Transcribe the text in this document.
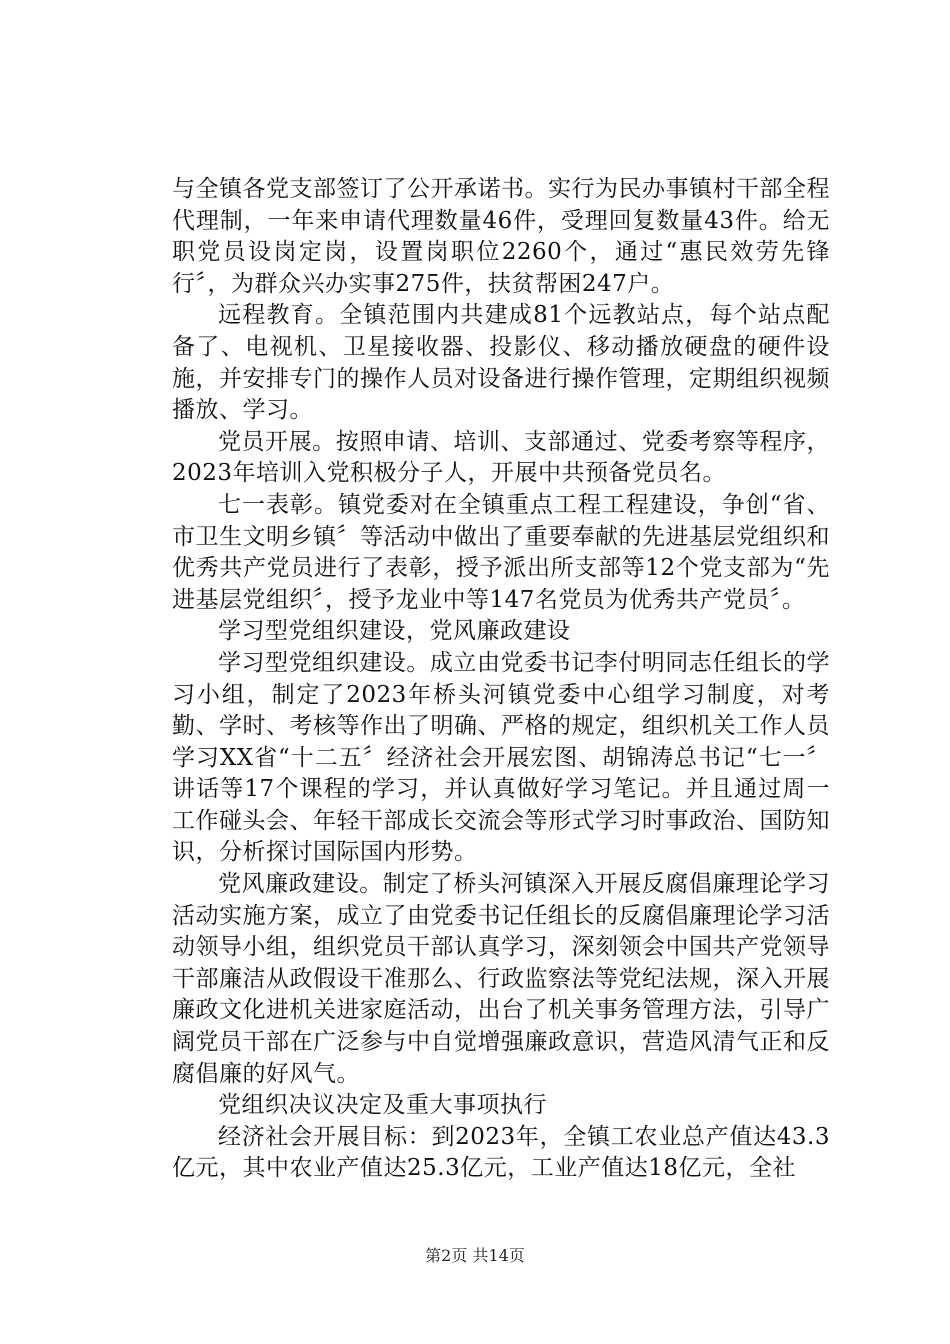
与全镇各党支部签订了公开承诺书。实行为民办事镇村干部全程代理制，一年来申请代理数量46件，受理回复数量43件。给无职党员设岗定岗，设置岗职位2260个，通过“惠民效劳先锋行〞，为群众兴办实事275件，扶贫帮困247户。

远程教育。全镇范围内共建成81个远教站点，每个站点配备了、电视机、卫星接收器、投影仪、移动播放硬盘的硬件设施，并安排专门的操作人员对设备进行操作管理，定期组织视频播放、学习。

党员开展。按照申请、培训、支部通过、党委考察等程序，2023年培训入党积极分子人，开展中共预备党员名。

七一表彰。镇党委对在全镇重点工程工程建设，争创“省、市卫生文明乡镇〞等活动中做出了重要奉献的先进基层党组织和优秀共产党员进行了表彰，授予派出所支部等12个党支部为“先进基层党组织〞，授予龙业中等147名党员为优秀共产党员〞。

学习型党组织建设，党风廉政建设

学习型党组织建设。成立由党委书记李付明同志任组长的学习小组，制定了2023年桥头河镇党委中心组学习制度，对考勤、学时、考核等作出了明确、严格的规定，组织机关工作人员学习XX省“十二五〞经济社会开展宏图、胡锦涛总书记“七一〞讲话等17个课程的学习，并认真做好学习笔记。并且通过周一工作碰头会、年轻干部成长交流会等形式学习时事政治、国防知识，分析探讨国际国内形势。

党风廉政建设。制定了桥头河镇深入开展反腐倡廉理论学习活动实施方案，成立了由党委书记任组长的反腐倡廉理论学习活动领导小组，组织党员干部认真学习，深刻领会中国共产党领导干部廉洁从政假设干准那么、行政监察法等党纪法规，深入开展廉政文化进机关进家庭活动，出台了机关事务管理方法，引导广阔党员干部在广泛参与中自觉增强廉政意识，营造风清气正和反腐倡廉的好风气。

党组织决议决定及重大事项执行

经济社会开展目标：到2023年，全镇工农业总产值达43.3亿元，其中农业产值达25.3亿元，工业产值达18亿元，全社

第2页 共14页
